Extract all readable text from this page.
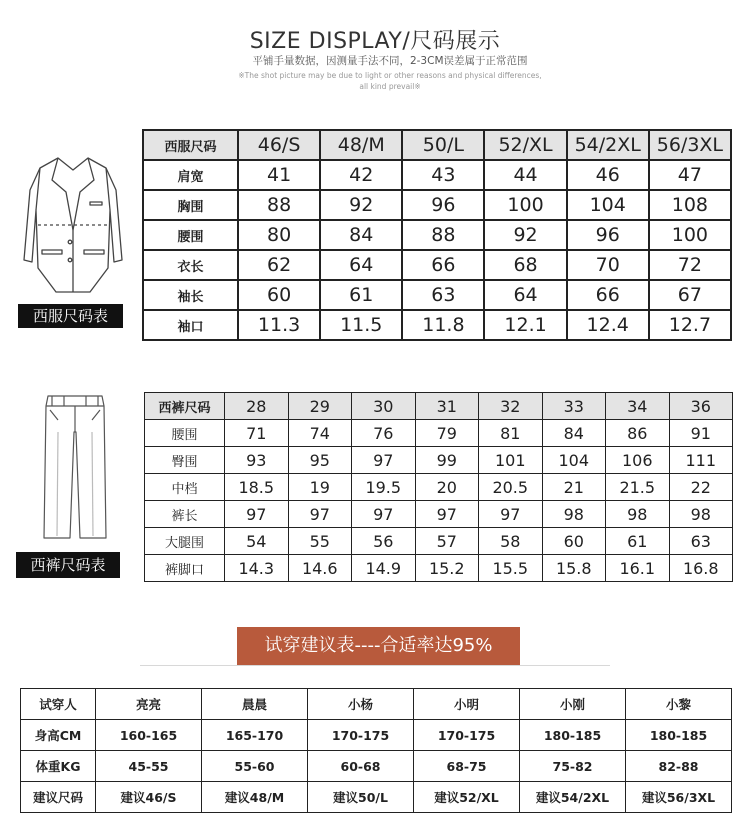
SIZE DISPLAY/尺码展示
平铺手量数据，因测量手法不同，2-3CM误差属于正常范围
※The shot picture may be due to light or other reasons and physical differences,
all kind prevail※
西服尺码表
西服尺码	46/S	48/M	50/L	52/XL	54/2XL	56/3XL
肩宽	41	42	43	44	46	47
胸围	88	92	96	100	104	108
腰围	80	84	88	92	96	100
衣长	62	64	66	68	70	72
袖长	60	61	63	64	66	67
袖口	11.3	11.5	11.8	12.1	12.4	12.7
西裤尺码表
西裤尺码	28	29	30	31	32	33	34	36
腰围	71	74	76	79	81	84	86	91
臀围	93	95	97	99	101	104	106	111
中档	18.5	19	19.5	20	20.5	21	21.5	22
裤长	97	97	97	97	97	98	98	98
大腿围	54	55	56	57	58	60	61	63
裤脚口	14.3	14.6	14.9	15.2	15.5	15.8	16.1	16.8
试穿建议表----合适率达95%
试穿人	亮亮	晨晨	小杨	小明	小刚	小黎
身高CM	160-165	165-170	170-175	170-175	180-185	180-185
体重KG	45-55	55-60	60-68	68-75	75-82	82-88
建议尺码	建议46/S	建议48/M	建议50/L	建议52/XL	建议54/2XL	建议56/3XL
